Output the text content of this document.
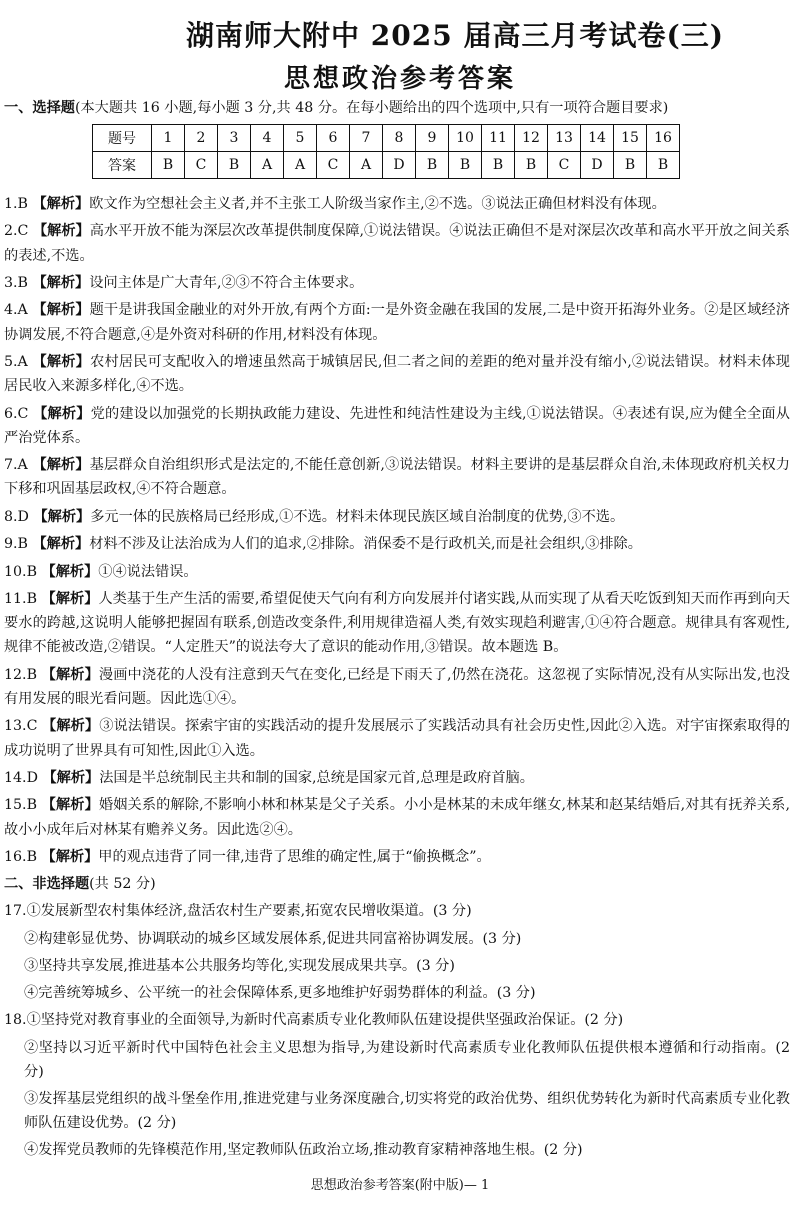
湖南师大附中 2025 届高三月考试卷(三)
思想政治参考答案
一、选择题(本大题共 16 小题,每小题 3 分,共 48 分。在每小题给出的四个选项中,只有一项符合题目要求)
题号	1	2	3	4	5	6	7	8	9	10	11	12	13	14	15	16
答案	B	C	B	A	A	C	A	D	B	B	B	B	C	D	B	B
1.B 【解析】欧文作为空想社会主义者,并不主张工人阶级当家作主,②不选。③说法正确但材料没有体现。
2.C 【解析】高水平开放不能为深层次改革提供制度保障,①说法错误。④说法正确但不是对深层次改革和高水平开放之间关系的表述,不选。
3.B 【解析】设问主体是广大青年,②③不符合主体要求。
4.A 【解析】题干是讲我国金融业的对外开放,有两个方面:一是外资金融在我国的发展,二是中资开拓海外业务。②是区域经济协调发展,不符合题意,④是外资对科研的作用,材料没有体现。
5.A 【解析】农村居民可支配收入的增速虽然高于城镇居民,但二者之间的差距的绝对量并没有缩小,②说法错误。材料未体现居民收入来源多样化,④不选。
6.C 【解析】党的建设以加强党的长期执政能力建设、先进性和纯洁性建设为主线,①说法错误。④表述有误,应为健全全面从严治党体系。
7.A 【解析】基层群众自治组织形式是法定的,不能任意创新,③说法错误。材料主要讲的是基层群众自治,未体现政府机关权力下移和巩固基层政权,④不符合题意。
8.D 【解析】多元一体的民族格局已经形成,①不选。材料未体现民族区域自治制度的优势,③不选。
9.B 【解析】材料不涉及让法治成为人们的追求,②排除。消保委不是行政机关,而是社会组织,③排除。
10.B 【解析】①④说法错误。
11.B 【解析】人类基于生产生活的需要,希望促使天气向有利方向发展并付诸实践,从而实现了从看天吃饭到知天而作再到向天要水的跨越,这说明人能够把握固有联系,创造改变条件,利用规律造福人类,有效实现趋利避害,①④符合题意。规律具有客观性,规律不能被改造,②错误。“人定胜天”的说法夸大了意识的能动作用,③错误。故本题选 B。
12.B 【解析】漫画中浇花的人没有注意到天气在变化,已经是下雨天了,仍然在浇花。这忽视了实际情况,没有从实际出发,也没有用发展的眼光看问题。因此选①④。
13.C 【解析】③说法错误。探索宇宙的实践活动的提升发展展示了实践活动具有社会历史性,因此②入选。对宇宙探索取得的成功说明了世界具有可知性,因此①入选。
14.D 【解析】法国是半总统制民主共和制的国家,总统是国家元首,总理是政府首脑。
15.B 【解析】婚姻关系的解除,不影响小林和林某是父子关系。小小是林某的未成年继女,林某和赵某结婚后,对其有抚养关系,故小小成年后对林某有赡养义务。因此选②④。
16.B 【解析】甲的观点违背了同一律,违背了思维的确定性,属于“偷换概念”。
二、非选择题(共 52 分)
17.①发展新型农村集体经济,盘活农村生产要素,拓宽农民增收渠道。(3 分)
②构建彰显优势、协调联动的城乡区域发展体系,促进共同富裕协调发展。(3 分)
③坚持共享发展,推进基本公共服务均等化,实现发展成果共享。(3 分)
④完善统筹城乡、公平统一的社会保障体系,更多地维护好弱势群体的利益。(3 分)
18.①坚持党对教育事业的全面领导,为新时代高素质专业化教师队伍建设提供坚强政治保证。(2 分)
②坚持以习近平新时代中国特色社会主义思想为指导,为建设新时代高素质专业化教师队伍提供根本遵循和行动指南。(2 分)
③发挥基层党组织的战斗堡垒作用,推进党建与业务深度融合,切实将党的政治优势、组织优势转化为新时代高素质专业化教师队伍建设优势。(2 分)
④发挥党员教师的先锋模范作用,坚定教师队伍政治立场,推动教育家精神落地生根。(2 分)
思想政治参考答案(附中版)— 1
